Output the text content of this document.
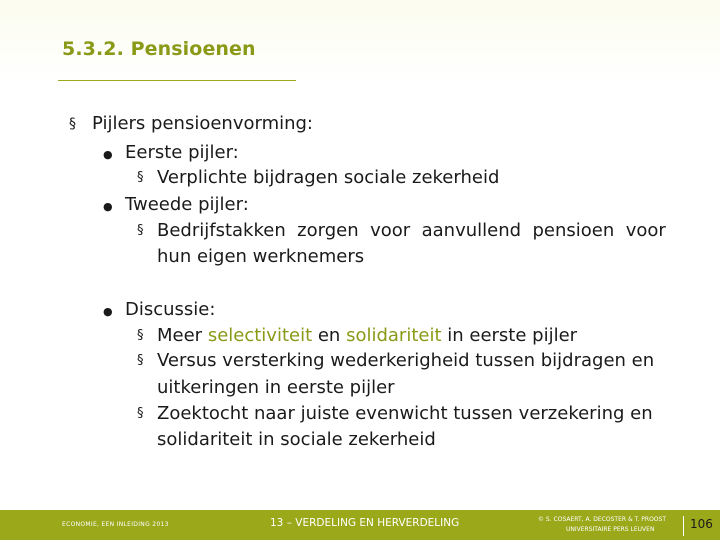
5.3.2. Pensioenen
§ Pijlers pensioenvorming:
● Eerste pijler:
§ Verplichte bijdragen sociale zekerheid
● Tweede pijler:
§ Bedrijfstakken  zorgen  voor  aanvullend  pensioen  voor
hun eigen werknemers
● Discussie:
§ Meer selectiviteit en solidariteit in eerste pijler
§ Versus versterking wederkerigheid tussen bijdragen en
uitkeringen in eerste pijler
§ Zoektocht naar juiste evenwicht tussen verzekering en
solidariteit in sociale zekerheid
ECONOMIE, EEN INLEIDING 2013	13 – VERDELING EN HERVERDELING	© S. COSAERT, A. DECOSTER & T. PROOST
UNIVERSITAIRE PERS LEUVEN	106
